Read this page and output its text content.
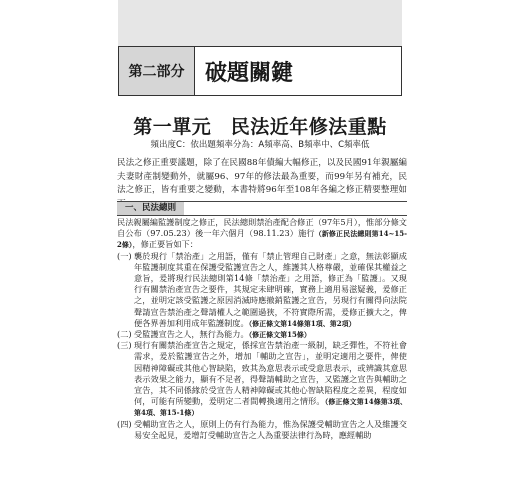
第二部分 破題關鍵
第一單元　民法近年修法重點
頻出度C：依出題頻率分為：A頻率高、B頻率中、C頻率低
民法之修正重要議題，除了在民國88年債編大幅修正，以及民國91年親屬編夫妻財產制變動外，就屬96、97年的修法最為重要，而99年另有補充，民法之修正，皆有重要之變動，本書特將96年至108年各編之修正精要整理如
一、民法總則
民法親屬編監護制度之修正，民法總則禁治產配合修正（97年5月），惟部分條文自公布（97.05.23）後一年六個月（98.11.23）施行（新修正民法總則第14~15-2條），修正要旨如下：
(一) 襲於現行「禁治產」之用語，僅有「禁止管理自己財產」之意，無法彰顯成年監護制度其重在保護受監護宣告之人，維護其人格尊嚴，並確保其權益之意旨，爰將現行民法總則第14條「禁治產」之用語，修正為「監護」。又現行有關禁治產宣告之要件，其規定未肆明確，實務上適用易滋疑義，爰修正之，並明定該受監護之原因消滅時應撤銷監護之宣告，另現行有關得向法院聲請宣告禁治產之聲請權人之範圍過狹，不符實際所需，爰修正擴大之，俾便各界善加利用成年監護制度。（修正條文第14條第1項、第2項）
(二) 受監護宣告之人，無行為能力。（修正條文第15條）
(三) 現行有關禁治產宣告之規定，係採宣告禁治產一級制，缺乏彈性，不符社會需求，爰於監護宣告之外，增加「輔助之宣告」，並明定適用之要件，俾使因精神障礙或其他心智缺陷，致其為意思表示或受意思表示，或辨識其意思表示效果之能力，顯有不足者，得聲請輔助之宣告，又監護之宣告與輔助之宣告，其不同係緣於受宣告人精神障礙或其他心智缺陷程度之差異，程度如何，可能有所變動，爰明定二者間轉換適用之情形。（修正條文第14條第3項、第4項、第15-1條）
(四) 受輔助宣告之人，原則上仍有行為能力，惟為保護受輔助宣告之人及維護交易安全起見，爰增訂受輔助宣告之人為重要法律行為時，應經輔助
